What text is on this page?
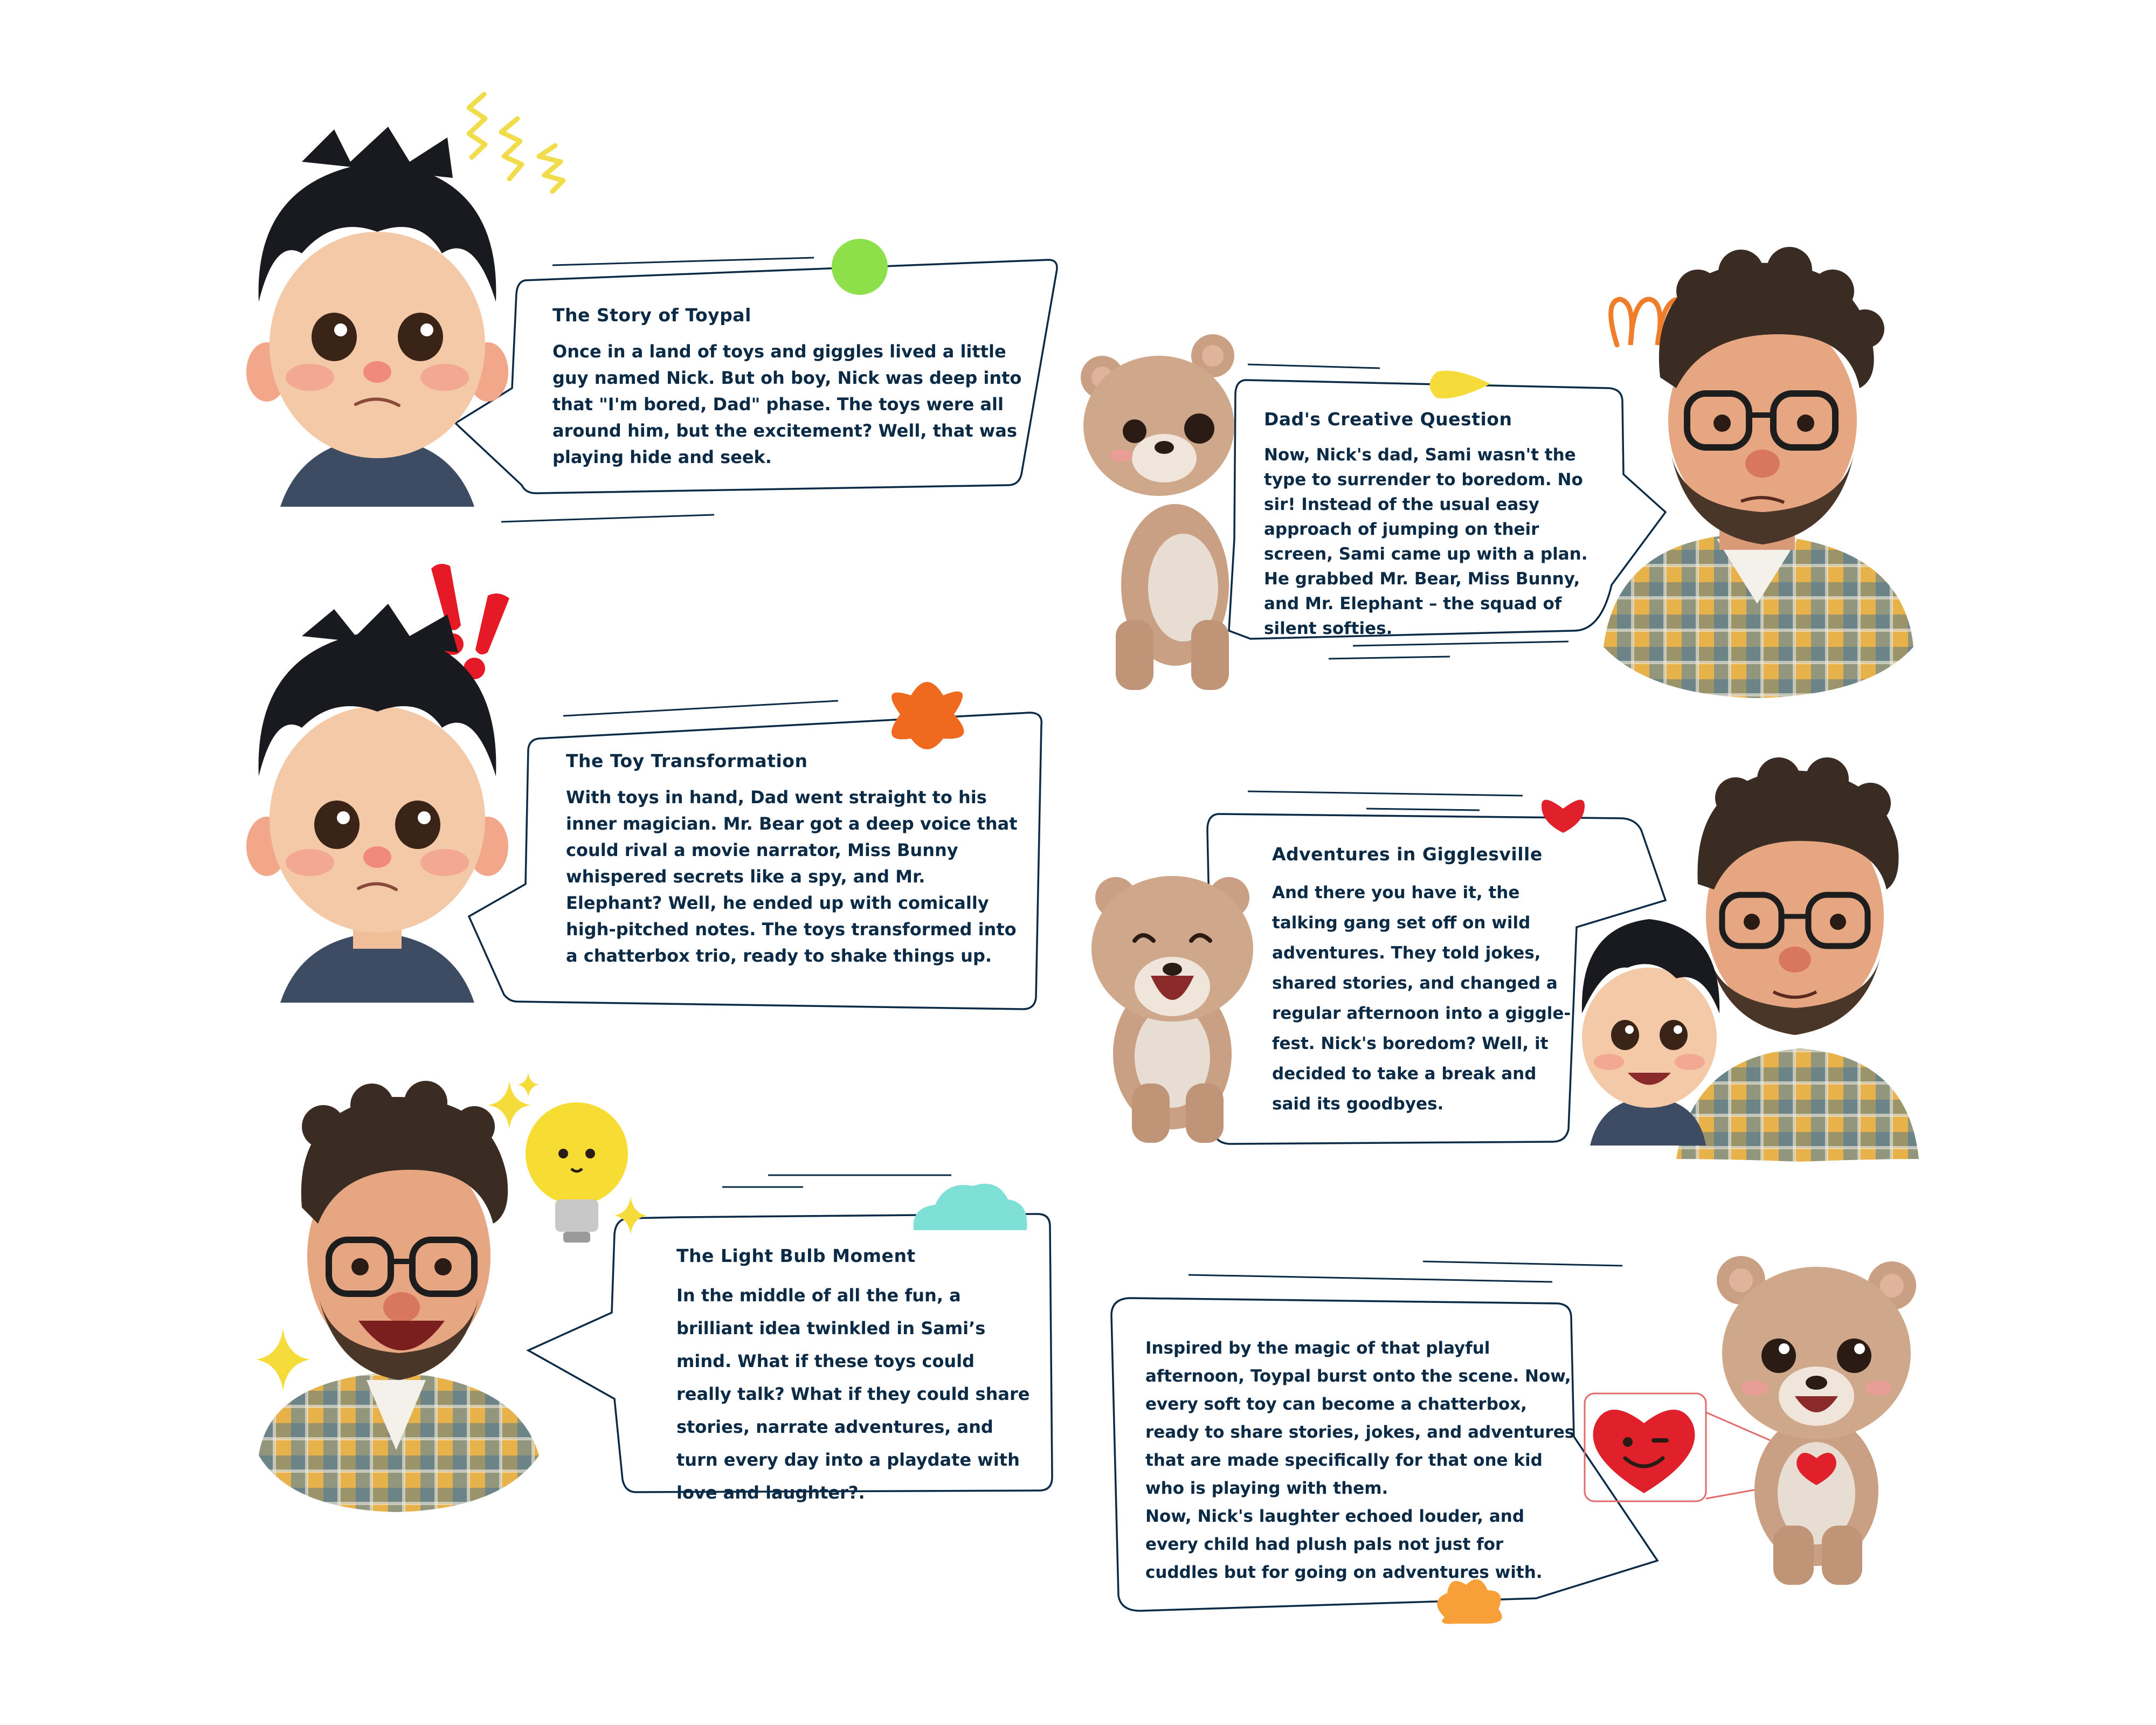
The Story of Toypal

Once in a land of toys and giggles lived a little guy named Nick. But oh boy, Nick was deep into that "I'm bored, Dad" phase. The toys were all around him, but the excitement? Well, that was playing hide and seek.

Dad's Creative Question

Now, Nick's dad, Sami wasn't the type to surrender to boredom. No sir! Instead of the usual easy approach of jumping on their screen, Sami came up with a plan. He grabbed Mr. Bear, Miss Bunny, and Mr. Elephant – the squad of silent softies.

The Toy Transformation

With toys in hand, Dad went straight to his inner magician. Mr. Bear got a deep voice that could rival a movie narrator, Miss Bunny whispered secrets like a spy, and Mr. Elephant? Well, he ended up with comically high-pitched notes. The toys transformed into a chatterbox trio, ready to shake things up.

Adventures in Gigglesville

And there you have it, the talking gang set off on wild adventures. They told jokes, shared stories, and changed a regular afternoon into a giggle-fest. Nick's boredom? Well, it decided to take a break and said its goodbyes.

The Light Bulb Moment

In the middle of all the fun, a brilliant idea twinkled in Sami’s mind. What if these toys could really talk? What if they could share stories, narrate adventures, and turn every day into a playdate with love and laughter?.

Inspired by the magic of that playful afternoon, Toypal burst onto the scene. Now, every soft toy can become a chatterbox, ready to share stories, jokes, and adventures that are made specifically for that one kid who is playing with them.

Now, Nick's laughter echoed louder, and every child had plush pals not just for cuddles but for going on adventures with.
